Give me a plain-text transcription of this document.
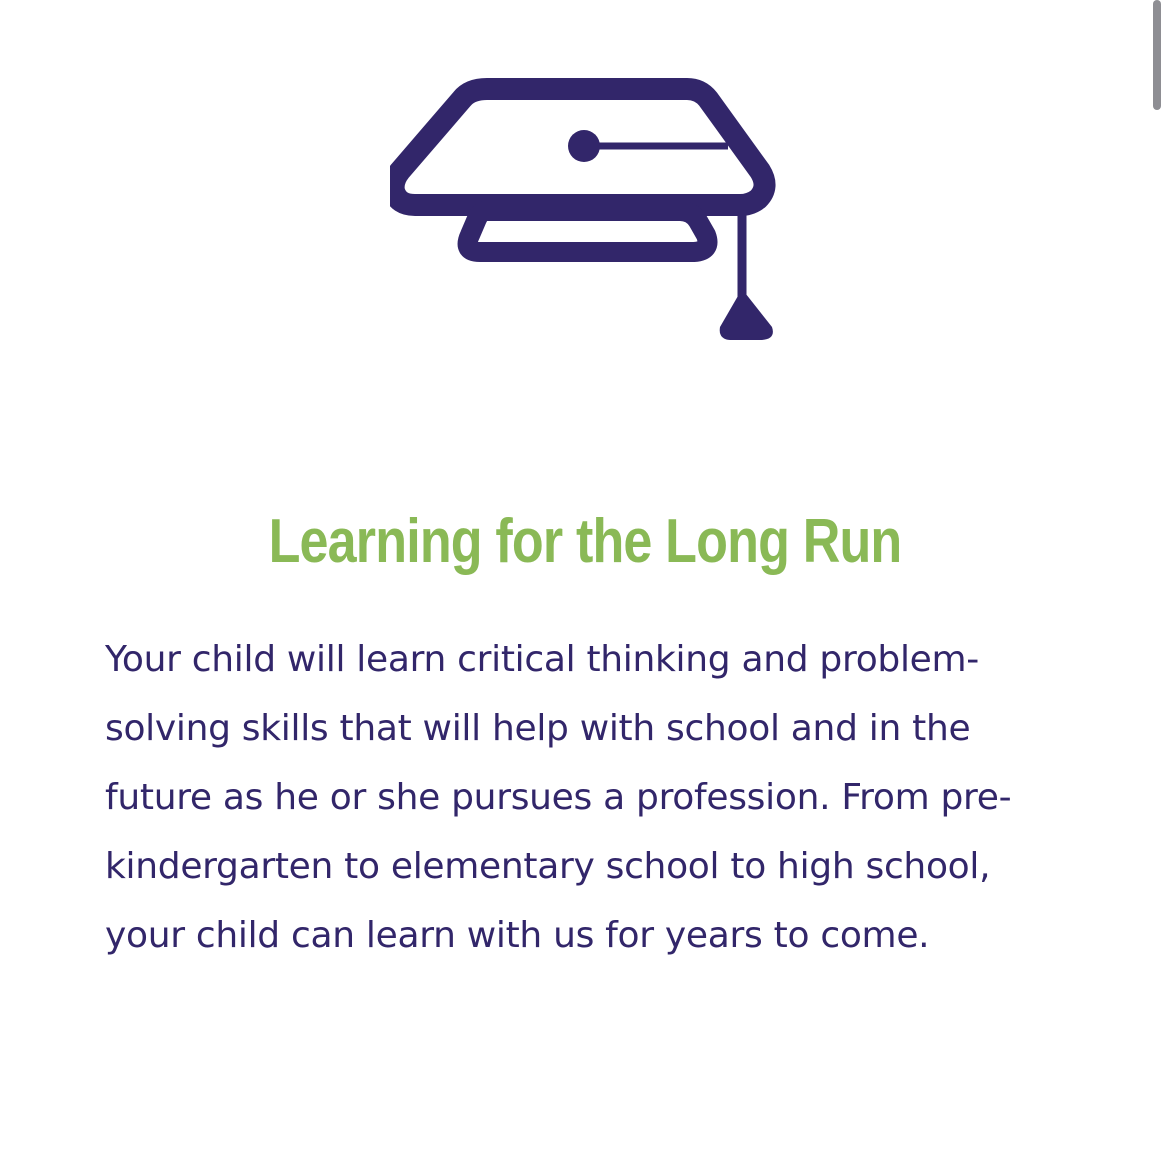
Learning for the Long Run

Your child will learn critical thinking and problem-solving skills that will help with school and in the future as he or she pursues a profession. From pre-kindergarten to elementary school to high school, your child can learn with us for years to come.
